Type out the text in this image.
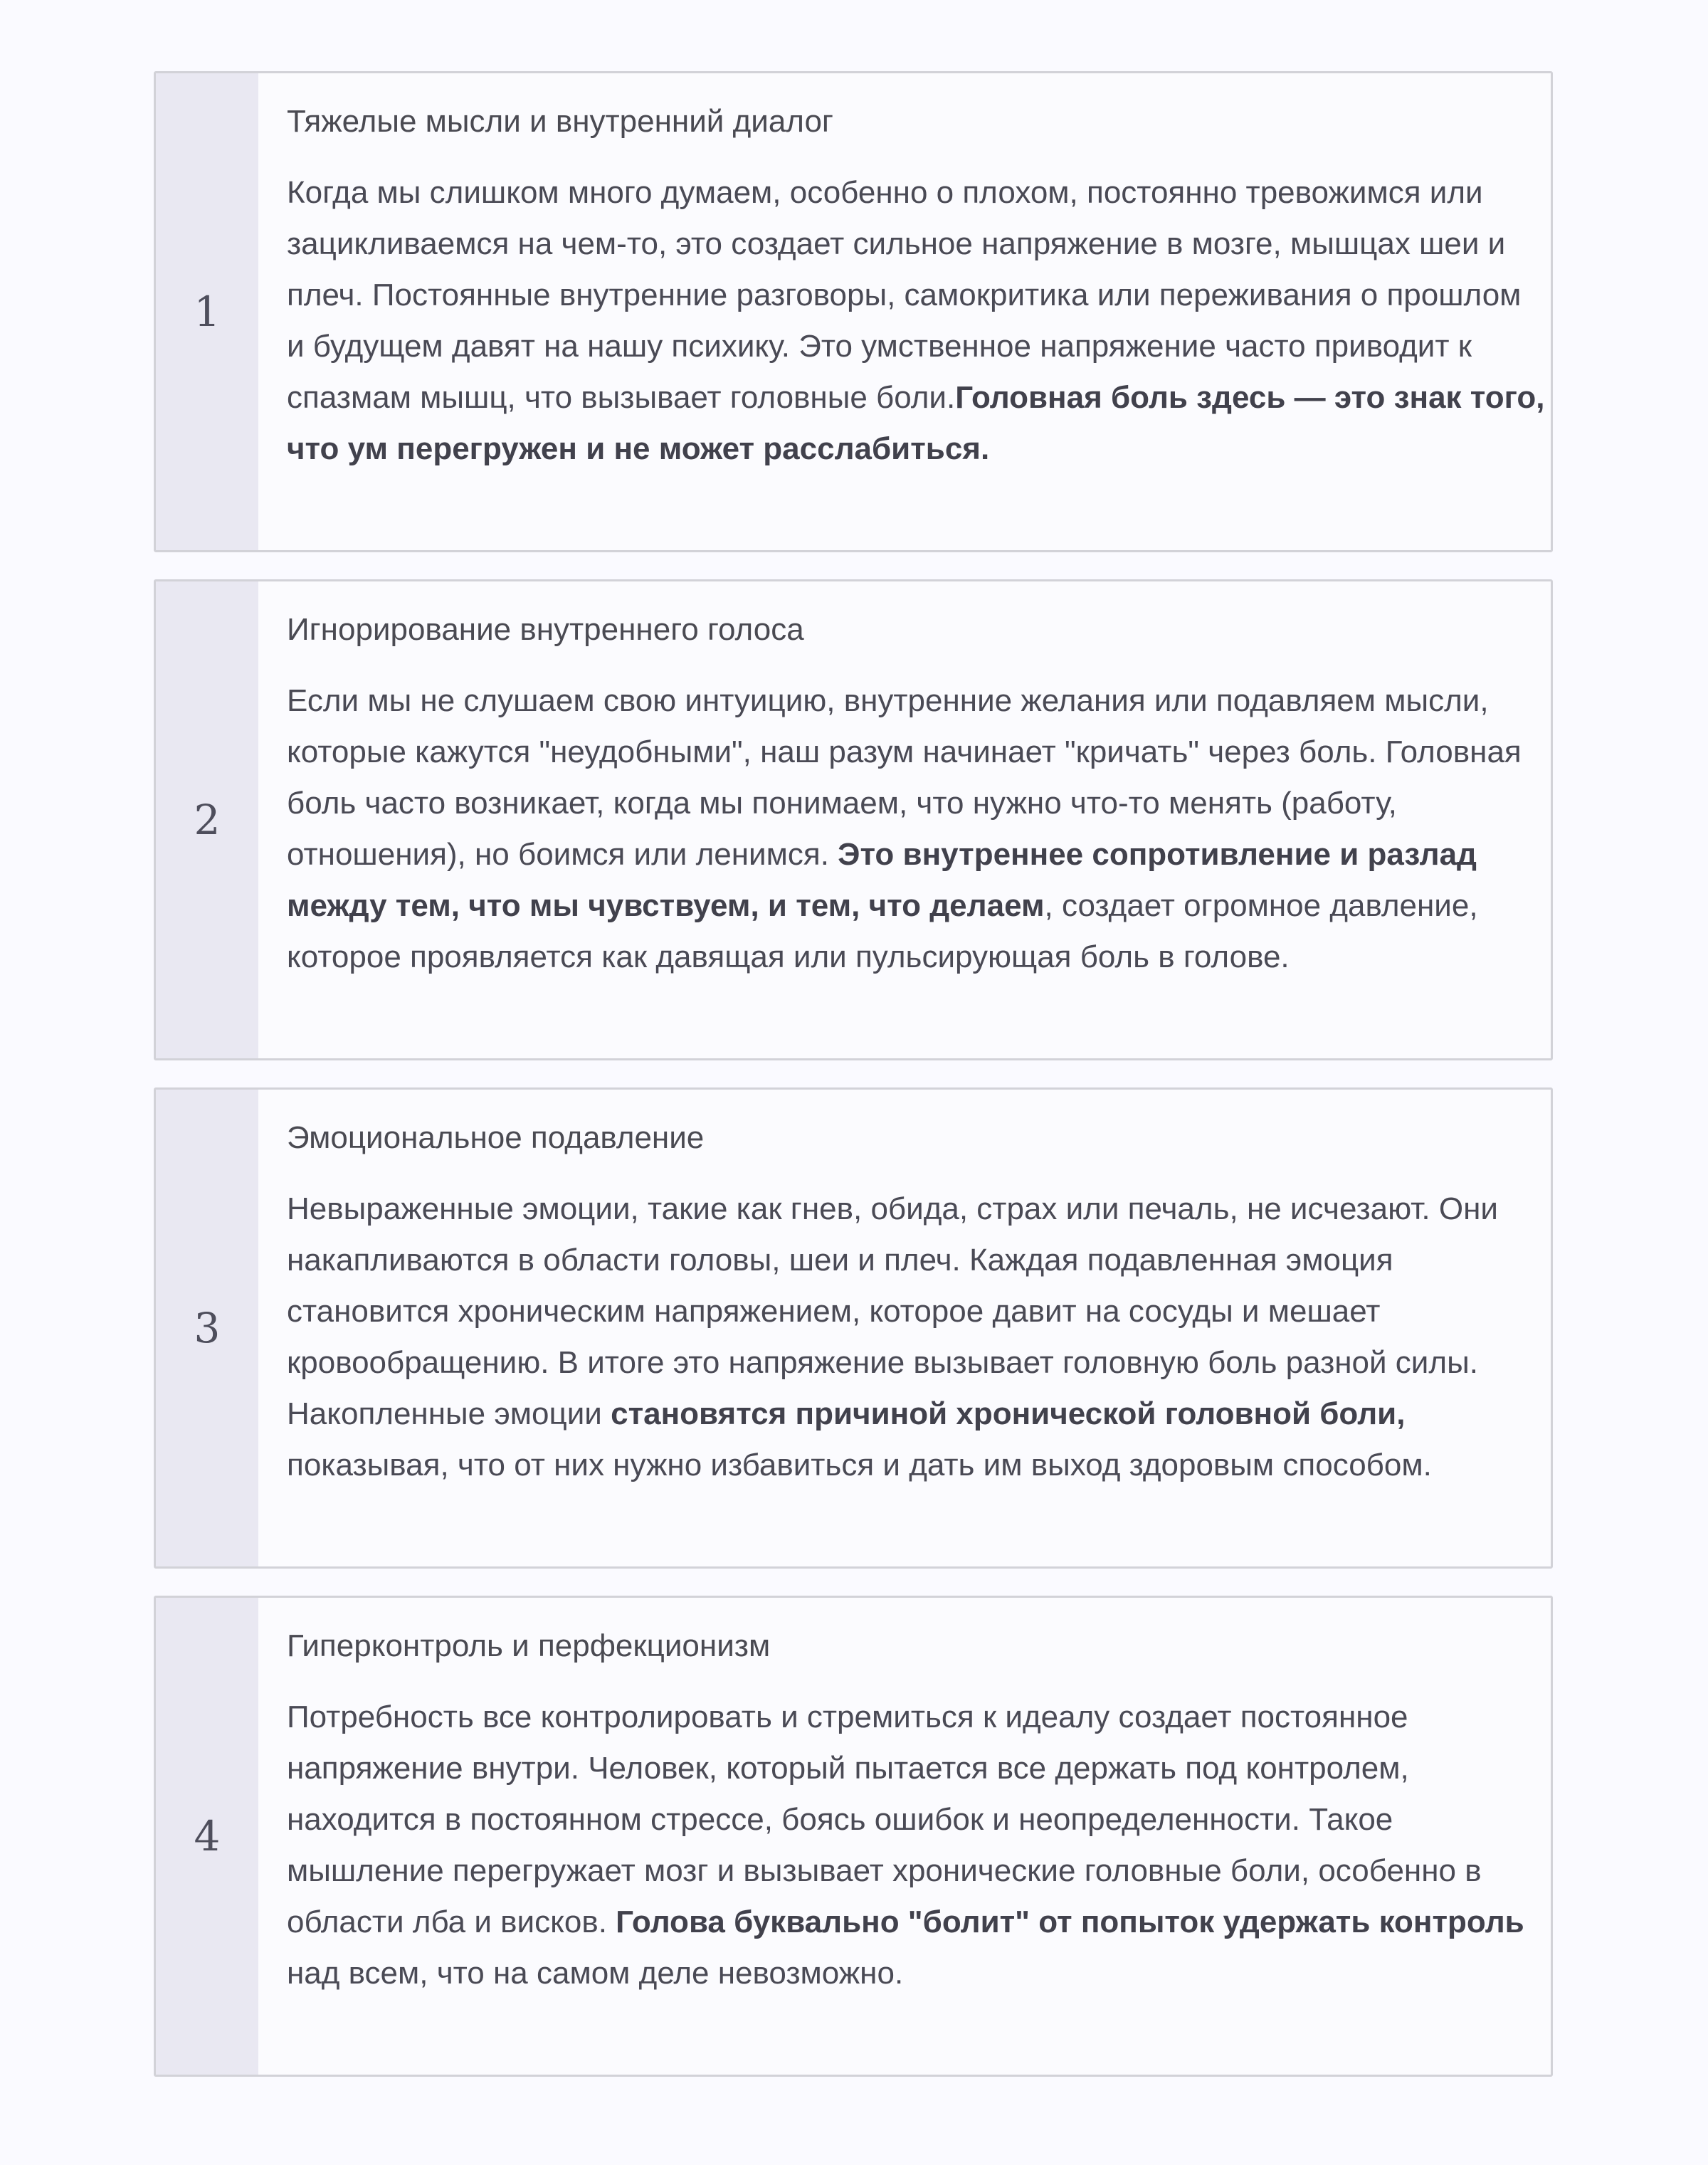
1
Тяжелые мысли и внутренний диалог

Когда мы слишком много думаем, особенно о плохом, постоянно тревожимся или зацикливаемся на чем-то, это создает сильное напряжение в мозге, мышцах шеи и плеч. Постоянные внутренние разговоры, самокритика или переживания о прошлом и будущем давят на нашу психику. Это умственное напряжение часто приводит к спазмам мышц, что вызывает головные боли.Головная боль здесь — это знак того, что ум перегружен и не может расслабиться.

2
Игнорирование внутреннего голоса

Если мы не слушаем свою интуицию, внутренние желания или подавляем мысли, которые кажутся "неудобными", наш разум начинает "кричать" через боль. Головная боль часто возникает, когда мы понимаем, что нужно что-то менять (работу, отношения), но боимся или ленимся. Это внутреннее сопротивление и разлад между тем, что мы чувствуем, и тем, что делаем, создает огромное давление, которое проявляется как давящая или пульсирующая боль в голове.

3
Эмоциональное подавление

Невыраженные эмоции, такие как гнев, обида, страх или печаль, не исчезают. Они накапливаются в области головы, шеи и плеч. Каждая подавленная эмоция становится хроническим напряжением, которое давит на сосуды и мешает кровообращению. В итоге это напряжение вызывает головную боль разной силы. Накопленные эмоции становятся причиной хронической головной боли, показывая, что от них нужно избавиться и дать им выход здоровым способом.

4
Гиперконтроль и перфекционизм

Потребность все контролировать и стремиться к идеалу создает постоянное напряжение внутри. Человек, который пытается все держать под контролем, находится в постоянном стрессе, боясь ошибок и неопределенности. Такое мышление перегружает мозг и вызывает хронические головные боли, особенно в области лба и висков. Голова буквально "болит" от попыток удержать контроль над всем, что на самом деле невозможно.
